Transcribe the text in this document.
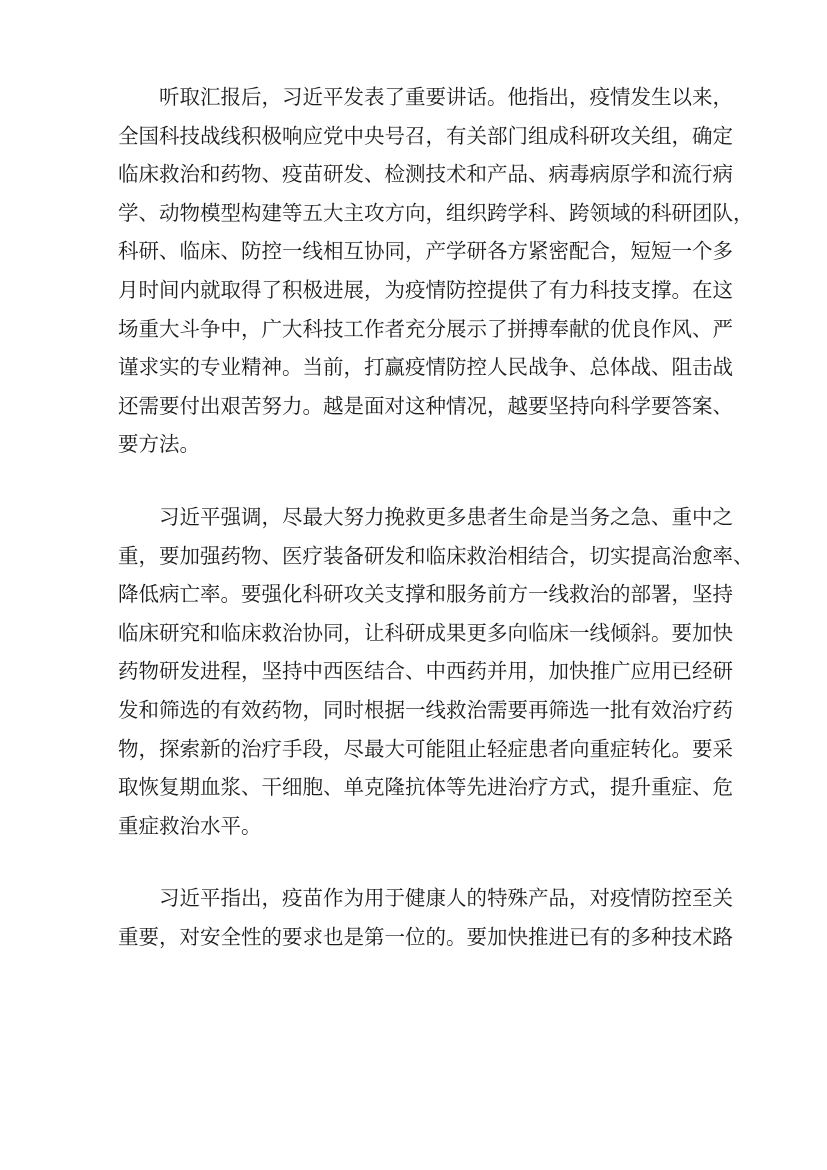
听取汇报后，习近平发表了重要讲话。他指出，疫情发生以来，
全国科技战线积极响应党中央号召，有关部门组成科研攻关组，确定
临床救治和药物、疫苗研发、检测技术和产品、病毒病原学和流行病
学、动物模型构建等五大主攻方向，组织跨学科、跨领域的科研团队，
科研、临床、防控一线相互协同，产学研各方紧密配合，短短一个多
月时间内就取得了积极进展，为疫情防控提供了有力科技支撑。在这
场重大斗争中，广大科技工作者充分展示了拼搏奉献的优良作风、严
谨求实的专业精神。当前，打赢疫情防控人民战争、总体战、阻击战
还需要付出艰苦努力。越是面对这种情况，越要坚持向科学要答案、
要方法。
习近平强调，尽最大努力挽救更多患者生命是当务之急、重中之
重，要加强药物、医疗装备研发和临床救治相结合，切实提高治愈率、
降低病亡率。要强化科研攻关支撑和服务前方一线救治的部署，坚持
临床研究和临床救治协同，让科研成果更多向临床一线倾斜。要加快
药物研发进程，坚持中西医结合、中西药并用，加快推广应用已经研
发和筛选的有效药物，同时根据一线救治需要再筛选一批有效治疗药
物，探索新的治疗手段，尽最大可能阻止轻症患者向重症转化。要采
取恢复期血浆、干细胞、单克隆抗体等先进治疗方式，提升重症、危
重症救治水平。
习近平指出，疫苗作为用于健康人的特殊产品，对疫情防控至关
重要，对安全性的要求也是第一位的。要加快推进已有的多种技术路
